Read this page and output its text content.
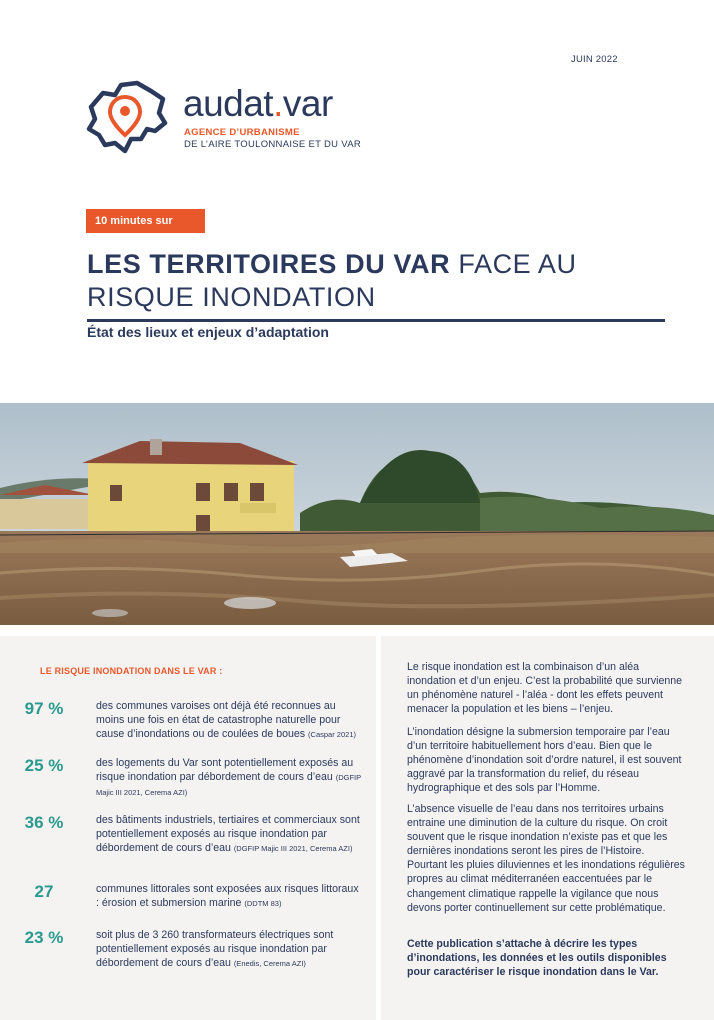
JUIN 2022
audat.var
AGENCE D’URBANISME
DE L’AIRE TOULONNAISE ET DU VAR
10 minutes sur
LES TERRITOIRES DU VAR FACE AU
RISQUE INONDATION
État des lieux et enjeux d’adaptation
LE RISQUE INONDATION DANS LE VAR :
97 %	des communes varoises ont déjà été reconnues au moins une fois en état de catastrophe naturelle pour cause d’inondations ou de coulées de boues (Caspar 2021)
25 %	des logements du Var sont potentiellement exposés au risque inondation par débordement de cours d’eau (DGFIP Majic III 2021, Cerema AZI)
36 %	des bâtiments industriels, tertiaires et commerciaux sont potentiellement exposés au risque inondation par débordement de cours d’eau (DGFIP Majic III 2021, Cerema AZI)
27	communes littorales sont exposées aux risques littoraux : érosion et submersion marine (DDTM 83)
23 %	soit plus de 3 260 transformateurs électriques sont potentiellement exposés au risque inondation par débordement de cours d’eau (Enedis, Cerema AZI)
Le risque inondation est la combinaison d’un aléa inondation et d’un enjeu. C’est la probabilité que survienne un phénomène naturel - l’aléa - dont les effets peuvent menacer la population et les biens – l’enjeu.
L’inondation désigne la submersion temporaire par l’eau d’un territoire habituellement hors d’eau. Bien que le phénomène d’inondation soit d’ordre naturel, il est souvent aggravé par la transformation du relief, du réseau hydrographique et des sols par l’Homme.
L’absence visuelle de l’eau dans nos territoires urbains entraine une diminution de la culture du risque. On croit souvent que le risque inondation n’existe pas et que les dernières inondations seront les pires de l’Histoire. Pourtant les pluies diluviennes et les inondations régulières propres au climat méditerranéen eaccentuées par le changement climatique rappelle la vigilance que nous devons porter continuellement sur cette problématique.
Cette publication s’attache à décrire les types d’inondations, les données et les outils disponibles pour caractériser le risque inondation dans le Var.
